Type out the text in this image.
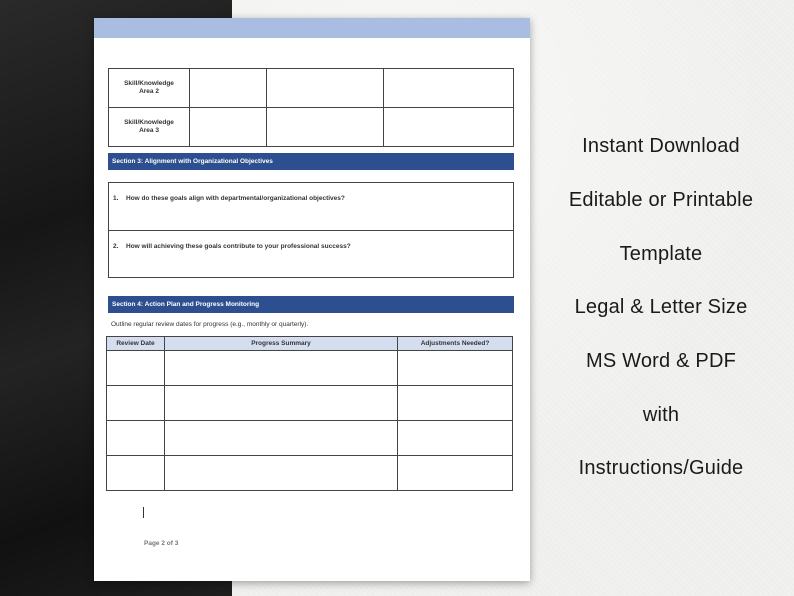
Skill/Knowledge
Area 2			

Skill/Knowledge
Area 3			

Section 3: Alignment with Organizational Objectives
1. How do these goals align with departmental/organizational objectives?
2. How will achieving these goals contribute to your professional success?
Section 4: Action Plan and Progress Monitoring
Outline regular review dates for progress (e.g., monthly or quarterly).
Review Date	Progress Summary	Adjustments Needed?

Page 2 of 3
Instant Download
Editable or Printable
Template
Legal & Letter Size
MS Word & PDF
with
Instructions/Guide
